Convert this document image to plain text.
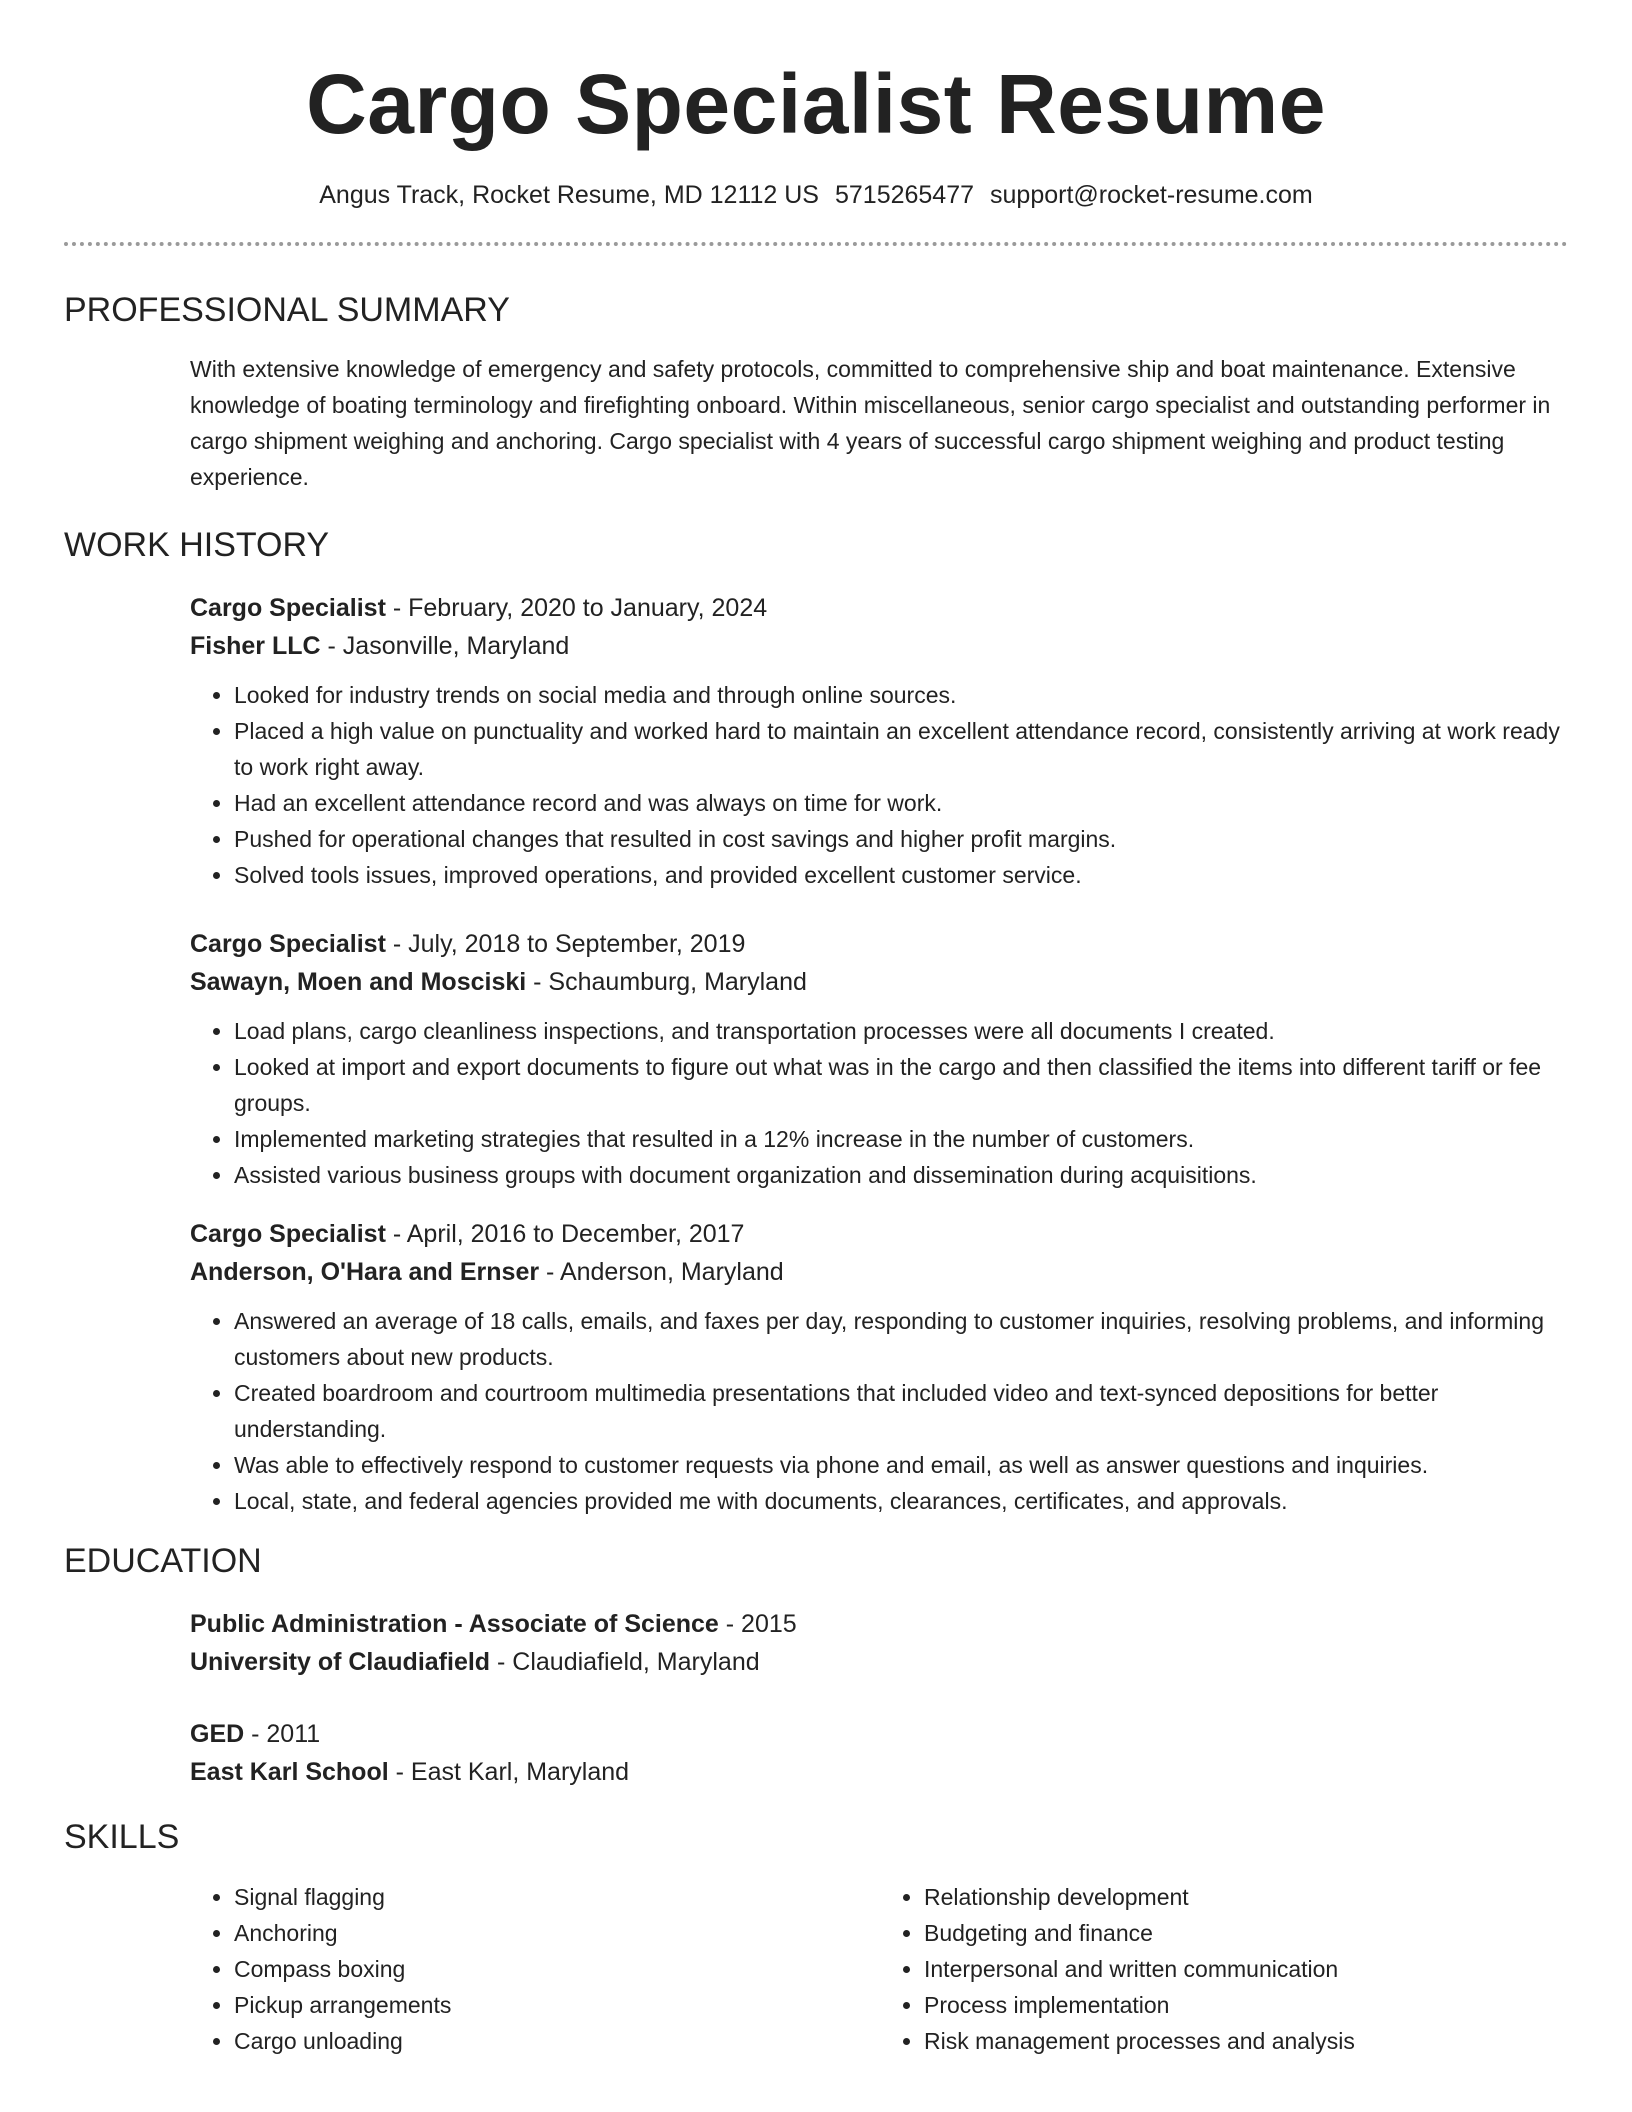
Cargo Specialist Resume
Angus Track, Rocket Resume, MD 12112 US 5715265477 support@rocket-resume.com
PROFESSIONAL SUMMARY

With extensive knowledge of emergency and safety protocols, committed to comprehensive ship and boat maintenance. Extensive knowledge of boating terminology and firefighting onboard. Within miscellaneous, senior cargo specialist and outstanding performer in cargo shipment weighing and anchoring. Cargo specialist with 4 years of successful cargo shipment weighing and product testing experience.

WORK HISTORY

Cargo Specialist - February, 2020 to January, 2024

Fisher LLC - Jasonville, Maryland

• Looked for industry trends on social media and through online sources.
• Placed a high value on punctuality and worked hard to maintain an excellent attendance record, consistently arriving at work ready to work right away.
• Had an excellent attendance record and was always on time for work.
• Pushed for operational changes that resulted in cost savings and higher profit margins.
• Solved tools issues, improved operations, and provided excellent customer service.

Cargo Specialist - July, 2018 to September, 2019

Sawayn, Moen and Mosciski - Schaumburg, Maryland

• Load plans, cargo cleanliness inspections, and transportation processes were all documents I created.
• Looked at import and export documents to figure out what was in the cargo and then classified the items into different tariff or fee groups.
• Implemented marketing strategies that resulted in a 12% increase in the number of customers.
• Assisted various business groups with document organization and dissemination during acquisitions.

Cargo Specialist - April, 2016 to December, 2017

Anderson, O'Hara and Ernser - Anderson, Maryland

• Answered an average of 18 calls, emails, and faxes per day, responding to customer inquiries, resolving problems, and informing customers about new products.
• Created boardroom and courtroom multimedia presentations that included video and text-synced depositions for better understanding.
• Was able to effectively respond to customer requests via phone and email, as well as answer questions and inquiries.
• Local, state, and federal agencies provided me with documents, clearances, certificates, and approvals.
EDUCATION

Public Administration - Associate of Science - 2015

University of Claudiafield - Claudiafield, Maryland

GED - 2011

East Karl School - East Karl, Maryland

SKILLS
• Signal flagging
• Anchoring
• Compass boxing
• Pickup arrangements
• Cargo unloading
• Relationship development
• Budgeting and finance
• Interpersonal and written communication
• Process implementation
• Risk management processes and analysis
